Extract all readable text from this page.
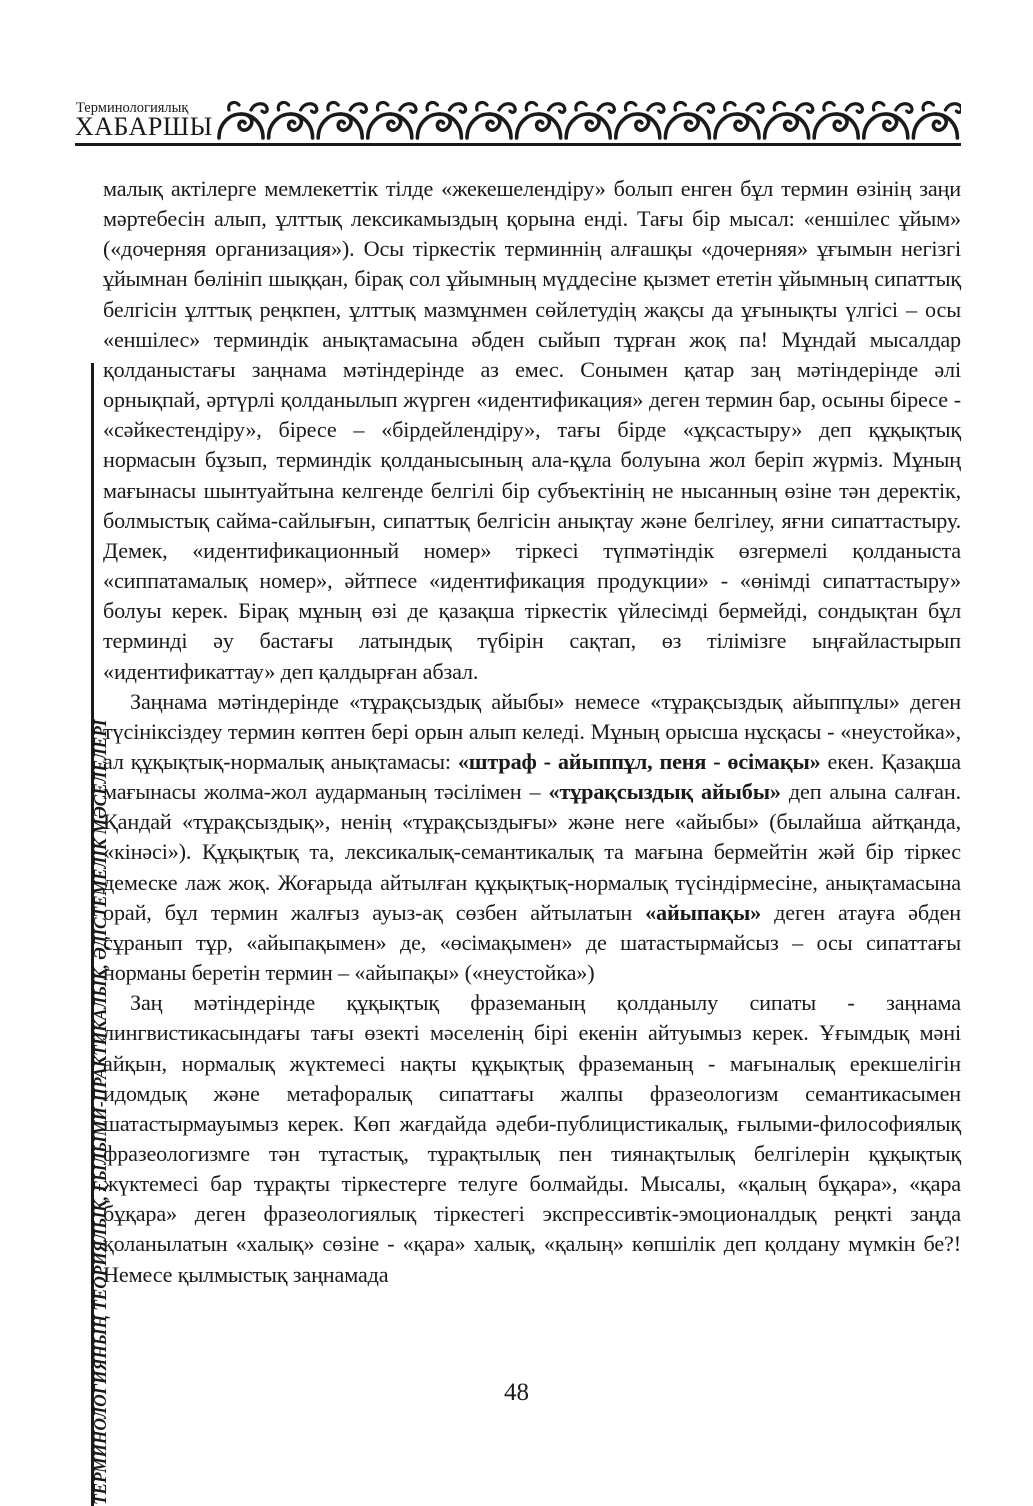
Терминологиялық
ХАБАРШЫ
ТЕРМИНОЛОГИЯНЫҢ ТЕОРИЯЛЫҚ, ҒЫЛЫМИ-ПРАКТИКАЛЫҚ, ӘДІСТЕМЕЛІК МӘСЕЛЕЛЕРІ

малық актілерге мемлекеттік тілде «жекешелендіру» болып енген бұл термин өзінің заңи мәртебесін алып, ұлттық лексикамыздың қорына енді. Тағы бір мысал: «еншілес ұйым» («дочерняя организация»). Осы тіркестік терминнің алғашқы «дочерняя» ұғымын негізгі ұйымнан бөлініп шыққан, бірақ сол ұйымның мүддесіне қызмет ететін ұйымның сипаттық белгісін ұлттық реңкпен, ұлттық мазмұнмен сөйлетудің жақсы да ұғынықты үлгісі – осы «еншілес» терминдік анықтамасына әбден сыйып тұрған жоқ па! Мұндай мысалдар қолданыстағы заңнама мәтіндерінде аз емес. Сонымен қатар заң мәтіндерінде әлі орнықпай, әртүрлі қолданылып жүрген «идентификация» деген термин бар, осыны біресе - «сәйкестендіру», біресе – «бірдейлендіру», тағы бірде «ұқсастыру» деп құқықтық нормасын бұзып, терминдік қолданысының ала-құла болуына жол беріп жүрміз. Мұның мағынасы шынтуайтына келгенде белгілі бір субъектінің не нысанның өзіне тән деректік, болмыстық сайма-сайлығын, сипаттық белгісін анықтау және белгілеу, яғни сипаттастыру. Демек, «идентификационный номер» тіркесі түпмәтіндік өзгермелі қолданыста «сиппатамалық номер», әйтпесе «идентификация продукции» - «өнімді сипаттастыру» болуы керек. Бірақ мұның өзі де қазақша тіркестік үйлесімді бермейді, сондықтан бұл терминді әу бастағы латындық түбірін сақтап, өз тілімізге ыңғайластырып «идентификаттау» деп қалдырған абзал.

Заңнама мәтіндерінде «тұрақсыздық айыбы» немесе «тұрақсыздық айыппұлы» деген түсініксіздеу термин көптен бері орын алып келеді. Мұның орысша нұсқасы - «неустойка», ал құқықтық-нормалық анықтамасы: «штраф - айыппұл, пеня - өсімақы» екен. Қазақша мағынасы жолма-жол аударманың тәсілімен – «тұрақсыздық айыбы» деп алына салған. Қандай «тұрақсыздық», ненің «тұрақсыздығы» және неге «айыбы» (былайша айтқанда, «кінәсі»). Құқықтық та, лексикалық-семантикалық та мағына бермейтін жәй бір тіркес демеске лаж жоқ. Жоғарыда айтылған құқықтық-нормалық түсіндірмесіне, анықтамасына орай, бұл термин жалғыз ауыз-ақ сөзбен айтылатын «айыпақы» деген атауға әбден сұранып тұр, «айыпақымен» де, «өсімақымен» де шатастырмайсыз – осы сипаттағы норманы беретін термин – «айыпақы» («неустойка»)

Заң мәтіндерінде құқықтық фраземаның қолданылу сипаты - заңнама лингвистикасындағы тағы өзекті мәселенің бірі екенін айтуымыз керек. Ұғымдық мәні айқын, нормалық жүктемесі нақты құқықтық фраземаның - мағыналық ерекшелігін идомдық және метафоралық сипаттағы жалпы фразеологизм семантикасымен шатастырмауымыз керек. Көп жағдайда әдеби-публицистикалық, ғылыми-философиялық фразеологизмге тән тұтастық, тұрақтылық пен тиянақтылық белгілерін құқықтық жүктемесі бар тұрақты тіркестерге телуге болмайды. Мысалы, «қалың бұқара», «қара бұқара» деген фразеологиялық тіркестегі экспрессивтік-эмоционалдық реңкті заңда қоланылатын «халық» сөзіне - «қара» халық, «қалың» көпшілік деп қолдану мүмкін бе?! Немесе қылмыстық заңнамада

48
